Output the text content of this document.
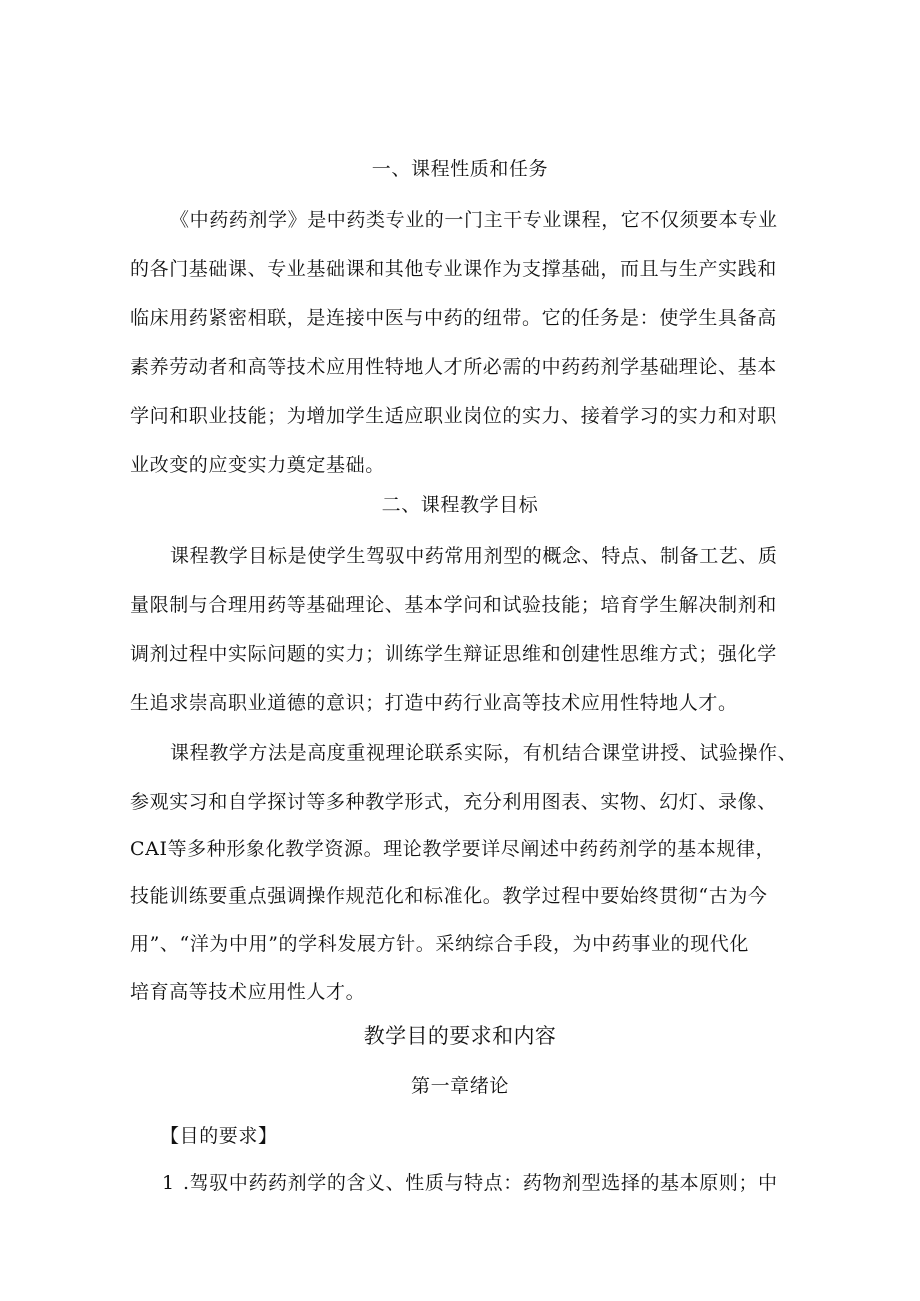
一、课程性质和任务
《中药药剂学》是中药类专业的一门主干专业课程，它不仅须要本专业
的各门基础课、专业基础课和其他专业课作为支撑基础，而且与生产实践和
临床用药紧密相联，是连接中医与中药的纽带。它的任务是：使学生具备高
素养劳动者和高等技术应用性特地人才所必需的中药药剂学基础理论、基本
学问和职业技能；为增加学生适应职业岗位的实力、接着学习的实力和对职
业改变的应变实力奠定基础。
二、课程教学目标
课程教学目标是使学生驾驭中药常用剂型的概念、特点、制备工艺、质
量限制与合理用药等基础理论、基本学问和试验技能；培育学生解决制剂和
调剂过程中实际问题的实力；训练学生辩证思维和创建性思维方式；强化学
生追求崇高职业道德的意识；打造中药行业高等技术应用性特地人才。
课程教学方法是高度重视理论联系实际，有机结合课堂讲授、试验操作、
参观实习和自学探讨等多种教学形式，充分利用图表、实物、幻灯、录像、
CAI等多种形象化教学资源。理论教学要详尽阐述中药药剂学的基本规律，
技能训练要重点强调操作规范化和标准化。教学过程中要始终贯彻“古为今
用”、“洋为中用”的学科发展方针。采纳综合手段，为中药事业的现代化
培育高等技术应用性人才。
教学目的要求和内容
第一章绪论
【目的要求】
1 .驾驭中药药剂学的含义、性质与特点：药物剂型选择的基本原则；中
